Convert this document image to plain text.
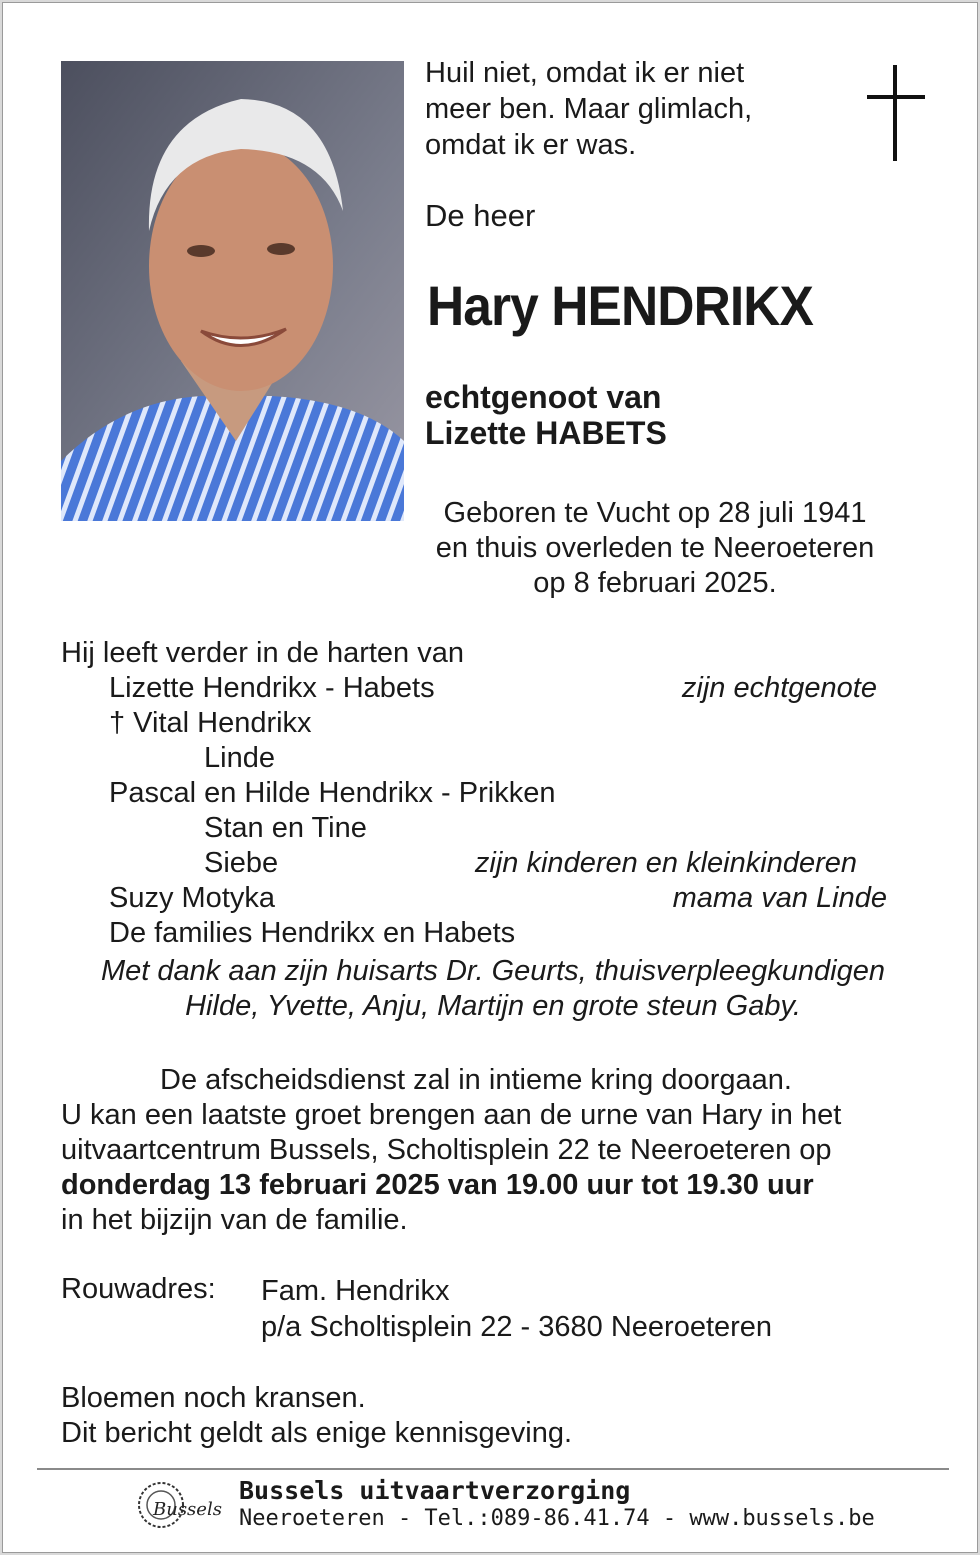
Huil niet, omdat ik er niet meer ben. Maar glimlach, omdat ik er was.
De heer
Hary HENDRIKX
echtgenoot van
Lizette HABETS
Geboren te Vucht op 28 juli 1941
en thuis overleden te Neeroeteren
op 8 februari 2025.
Hij leeft verder in de harten van
Lizette Hendrikx - Habets	zijn echtgenote
† Vital Hendrikx
Linde
Pascal en Hilde Hendrikx - Prikken
Stan en Tine
Siebe	zijn kinderen en kleinkinderen
Suzy Motyka	mama van Linde
De families Hendrikx en Habets
Met dank aan zijn huisarts Dr. Geurts, thuisverpleegkundigen
Hilde, Yvette, Anju, Martijn en grote steun Gaby.
De afscheidsdienst zal in intieme kring doorgaan.
U kan een laatste groet brengen aan de urne van Hary in het
uitvaartcentrum Bussels, Scholtisplein 22 te Neeroeteren op
donderdag 13 februari 2025 van 19.00 uur tot 19.30 uur
in het bijzijn van de familie.
Rouwadres: Fam. Hendrikx
p/a Scholtisplein 22 - 3680 Neeroeteren
Bloemen noch kransen.
Dit bericht geldt als enige kennisgeving.
Bussels
Bussels uitvaartverzorging
Neeroeteren - Tel.:089-86.41.74 - www.bussels.be
